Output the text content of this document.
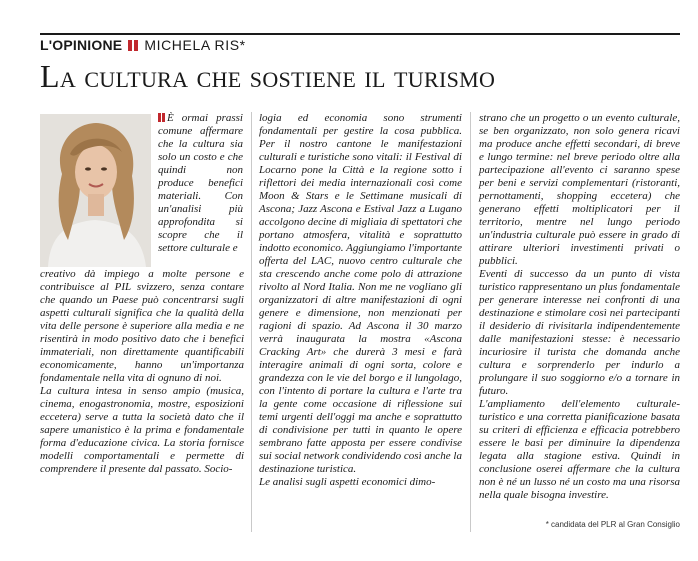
L'OPINIONE MICHELA RIS*
La cultura che sostiene il turismo

È ormai prassi comune affermare che la cultura sia solo un costo e che quindi non produce benefici materiali. Con un'analisi più approfondita si scopre che il settore culturale e

creativo dà impiego a molte persone e contribuisce al PIL svizzero, senza contare che quando un Paese può concentrarsi sugli aspetti culturali significa che la qualità della vita delle persone è superiore alla media e ne risentirà in modo positivo dato che i benefici immateriali, non direttamente quantificabili economicamente, hanno un'importanza fondamentale nella vita di ognuno di noi.

La cultura intesa in senso ampio (musica, cinema, enogastronomia, mostre, esposizioni eccetera) serve a tutta la società dato che il sapere umanistico è la prima e fondamentale forma d'educazione civica. La storia fornisce modelli comportamentali e permette di comprendere il presente dal passato. Socio-

logia ed economia sono strumenti fondamentali per gestire la cosa pubblica. Per il nostro cantone le manifestazioni culturali e turistiche sono vitali: il Festival di Locarno pone la Città e la regione sotto i riflettori dei media internazionali così come Moon & Stars e le Settimane musicali di Ascona; Jazz Ascona e Estival Jazz a Lugano accolgono decine di migliaia di spettatori che portano atmosfera, vitalità e soprattutto indotto economico. Aggiungiamo l'importante offerta del LAC, nuovo centro culturale che sta crescendo anche come polo di attrazione rivolto al Nord Italia. Non me ne vogliano gli organizzatori di altre manifestazioni di ogni genere e dimensione, non menzionati per ragioni di spazio. Ad Ascona il 30 marzo verrà inaugurata la mostra «Ascona Cracking Art» che durerà 3 mesi e farà interagire animali di ogni sorta, colore e grandezza con le vie del borgo e il lungolago, con l'intento di portare la cultura e l'arte tra la gente come occasione di riflessione sui temi urgenti dell'oggi ma anche e soprattutto di condivisione per tutti in quanto le opere sembrano fatte apposta per essere condivise sui social network condividendo così anche la destinazione turistica.

Le analisi sugli aspetti economici dimo-

strano che un progetto o un evento culturale, se ben organizzato, non solo genera ricavi ma produce anche effetti secondari, di breve e lungo termine: nel breve periodo oltre alla partecipazione all'evento ci saranno spese per beni e servizi complementari (ristoranti, pernottamenti, shopping eccetera) che generano effetti moltiplicatori per il territorio, mentre nel lungo periodo un'industria culturale può essere in grado di attirare ulteriori investimenti privati o pubblici.

Eventi di successo da un punto di vista turistico rappresentano un plus fondamentale per generare interesse nei confronti di una destinazione e stimolare così nei partecipanti il desiderio di rivisitarla indipendentemente dalle manifestazioni stesse: è necessario incuriosire il turista che domanda anche cultura e sorprenderlo per indurlo a prolungare il suo soggiorno e/o a tornare in futuro.

L'ampliamento dell'elemento culturale-turistico e una corretta pianificazione basata su criteri di efficienza e efficacia potrebbero essere le basi per diminuire la dipendenza legata alla stagione estiva. Quindi in conclusione oserei affermare che la cultura non è né un lusso né un costo ma una risorsa nella quale bisogna investire.

* candidata del PLR al Gran Consiglio
